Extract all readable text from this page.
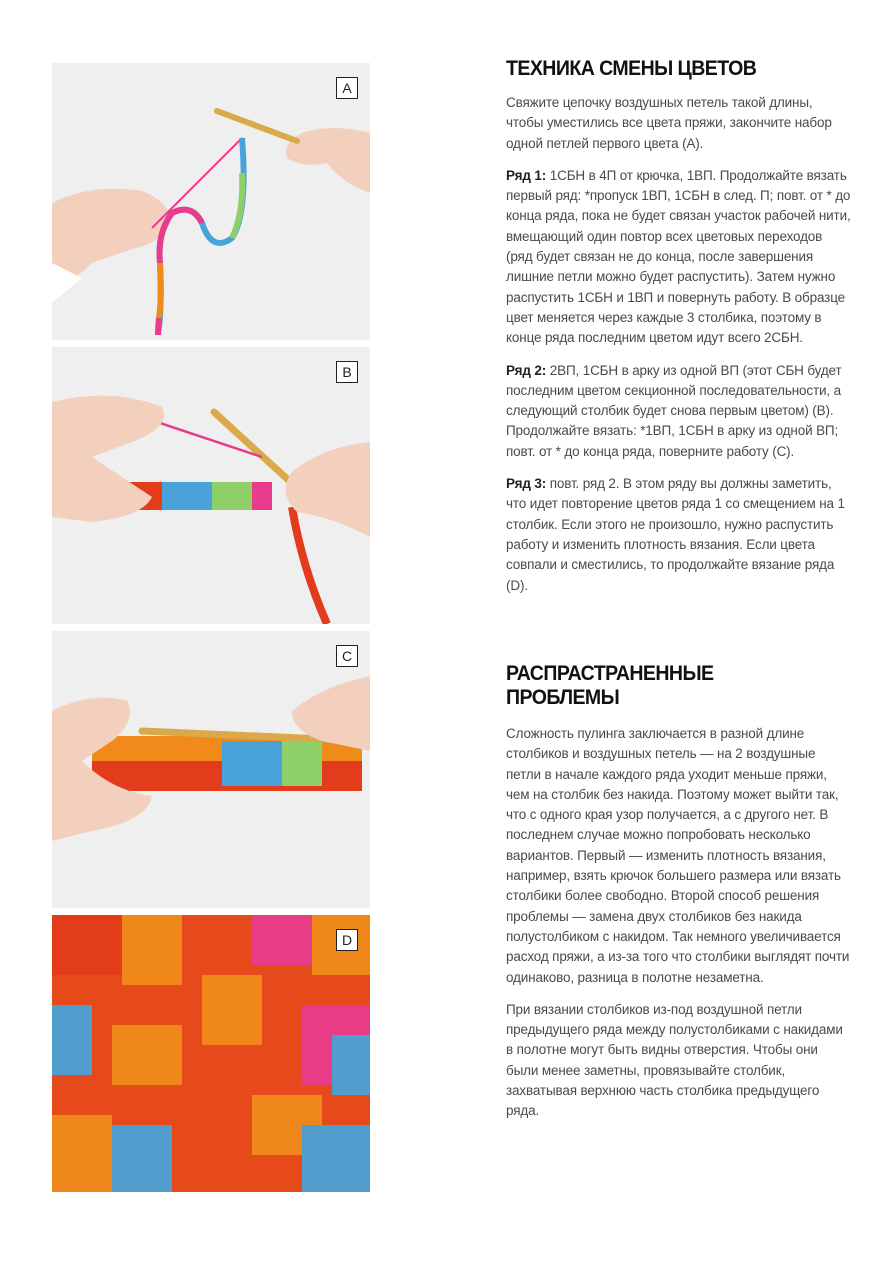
A
B
C
D
ТЕХНИКА СМЕНЫ ЦВЕТОВ

Свяжите цепочку воздушных петель такой длины, чтобы уместились все цвета пряжи, закончите набор одной петлей первого цвета (А).

Ряд 1: 1СБН в 4П от крючка, 1ВП. Продолжайте вязать первый ряд: *пропуск 1ВП, 1СБН в след. П; повт. от * до конца ряда, пока не будет связан участок рабочей нити, вмещающий один повтор всех цветовых переходов (ряд будет связан не до конца, после завершения лишние петли можно будет распустить). Затем нужно распустить 1СБН и 1ВП и повернуть работу. В образце цвет меняется через каждые 3 столбика, поэтому в конце ряда последним цветом идут всего 2СБН.

Ряд 2: 2ВП, 1СБН в арку из одной ВП (этот СБН будет последним цветом секционной последовательности, а следующий столбик будет снова первым цветом) (В). Продолжайте вязать: *1ВП, 1СБН в арку из одной ВП; повт. от * до конца ряда, поверните работу (С).

Ряд 3: повт. ряд 2. В этом ряду вы должны заметить, что идет повторение цветов ряда 1 со смещением на 1 столбик. Если этого не произошло, нужно распустить работу и изменить плотность вязания. Если цвета совпали и сместились, то продолжайте вязание ряда (D).

РАСПРАСТРАНЕННЫЕ ПРОБЛЕМЫ

Сложность пулинга заключается в разной длине столбиков и воздушных петель — на 2 воздушные петли в начале каждого ряда уходит меньше пряжи, чем на столбик без накида. Поэтому может выйти так, что с одного края узор получается, а с другого нет. В последнем случае можно попробовать несколько вариантов. Первый — изменить плотность вязания, например, взять крючок большего размера или вязать столбики более свободно. Второй способ решения проблемы — замена двух столбиков без накида полустолбиком с накидом. Так немного увеличивается расход пряжи, а из-за того что столбики выглядят почти одинаково, разница в полотне незаметна.

При вязании столбиков из-под воздушной петли предыдущего ряда между полустолбиками с накидами в полотне могут быть видны отверстия. Чтобы они были менее заметны, провязывайте столбик, захватывая верхнюю часть столбика предыдущего ряда.
